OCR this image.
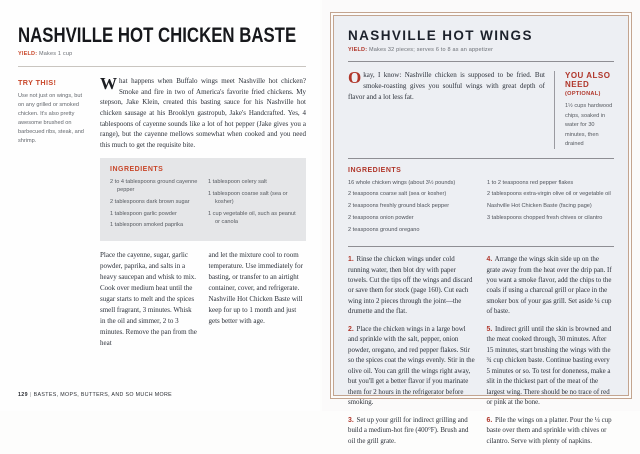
NASHVILLE HOT CHICKEN BASTE
YIELD: Makes 1 cup
TRY THIS!

Use not just on wings, but on any grilled or smoked chicken. It's also pretty awesome brushed on barbecued ribs, steak, and shrimp.

What happens when Buffalo wings meet Nashville hot chicken? Smoke and fire in two of America's favorite fried chickens. My stepson, Jake Klein, created this basting sauce for his Nashville hot chicken sausage at his Brooklyn gastropub, Jake's Handcrafted. Yes, 4 tablespoons of cayenne sounds like a lot of hot pepper (Jake gives you a range), but the cayenne mellows somewhat when cooked and you need this much to get the requisite bite.

INGREDIENTS
2 to 4 tablespoons ground cayenne pepper
2 tablespoons dark brown sugar
1 tablespoon garlic powder
1 tablespoon smoked paprika
1 tablespoon celery salt
1 tablespoon coarse salt (sea or kosher)
1 cup vegetable oil, such as peanut or canola

Place the cayenne, sugar, garlic powder, paprika, and salts in a heavy saucepan and whisk to mix. Cook over medium heat until the sugar starts to melt and the spices smell fragrant, 3 minutes. Whisk in the oil and simmer, 2 to 3 minutes. Remove the pan from the heat

and let the mixture cool to room temperature. Use immediately for basting, or transfer to an airtight container, cover, and refrigerate. Nashville Hot Chicken Baste will keep for up to 1 month and just gets better with age.

129 | BASTES, MOPS, BUTTERS, AND SO MUCH MORE
NASHVILLE HOT WINGS
YIELD: Makes 32 pieces; serves 6 to 8 as an appetizer

Okay, I know: Nashville chicken is supposed to be fried. But smoke-roasting gives you soulful wings with great depth of flavor and a lot less fat.

YOU ALSO NEED
(OPTIONAL)

1½ cups hardwood chips, soaked in water for 30 minutes, then drained

INGREDIENTS
16 whole chicken wings (about 3½ pounds)
2 teaspoons coarse salt (sea or kosher)
2 teaspoons freshly ground black pepper
2 teaspoons onion powder
2 teaspoons ground oregano
1 to 2 teaspoons red pepper flakes
2 tablespoons extra-virgin olive oil or vegetable oil
Nashville Hot Chicken Baste (facing page)
3 tablespoons chopped fresh chives or cilantro

1. Rinse the chicken wings under cold running water, then blot dry with paper towels. Cut the tips off the wings and discard or save them for stock (page 160). Cut each wing into 2 pieces through the joint—the drumette and the flat.

2. Place the chicken wings in a large bowl and sprinkle with the salt, pepper, onion powder, oregano, and red pepper flakes. Stir so the spices coat the wings evenly. Stir in the olive oil. You can grill the wings right away, but you'll get a better flavor if you marinate them for 2 hours in the refrigerator before smoking.

3. Set up your grill for indirect grilling and build a medium-hot fire (400°F). Brush and oil the grill grate.

4. Arrange the wings skin side up on the grate away from the heat over the drip pan. If you want a smoke flavor, add the chips to the coals if using a charcoal grill or place in the smoker box of your gas grill. Set aside ¼ cup of baste.

5. Indirect grill until the skin is browned and the meat cooked through, 30 minutes. After 15 minutes, start brushing the wings with the ¾ cup chicken baste. Continue basting every 5 minutes or so. To test for doneness, make a slit in the thickest part of the meat of the largest wing. There should be no trace of red or pink at the bone.

6. Pile the wings on a platter. Pour the ¼ cup baste over them and sprinkle with chives or cilantro. Serve with plenty of napkins.
